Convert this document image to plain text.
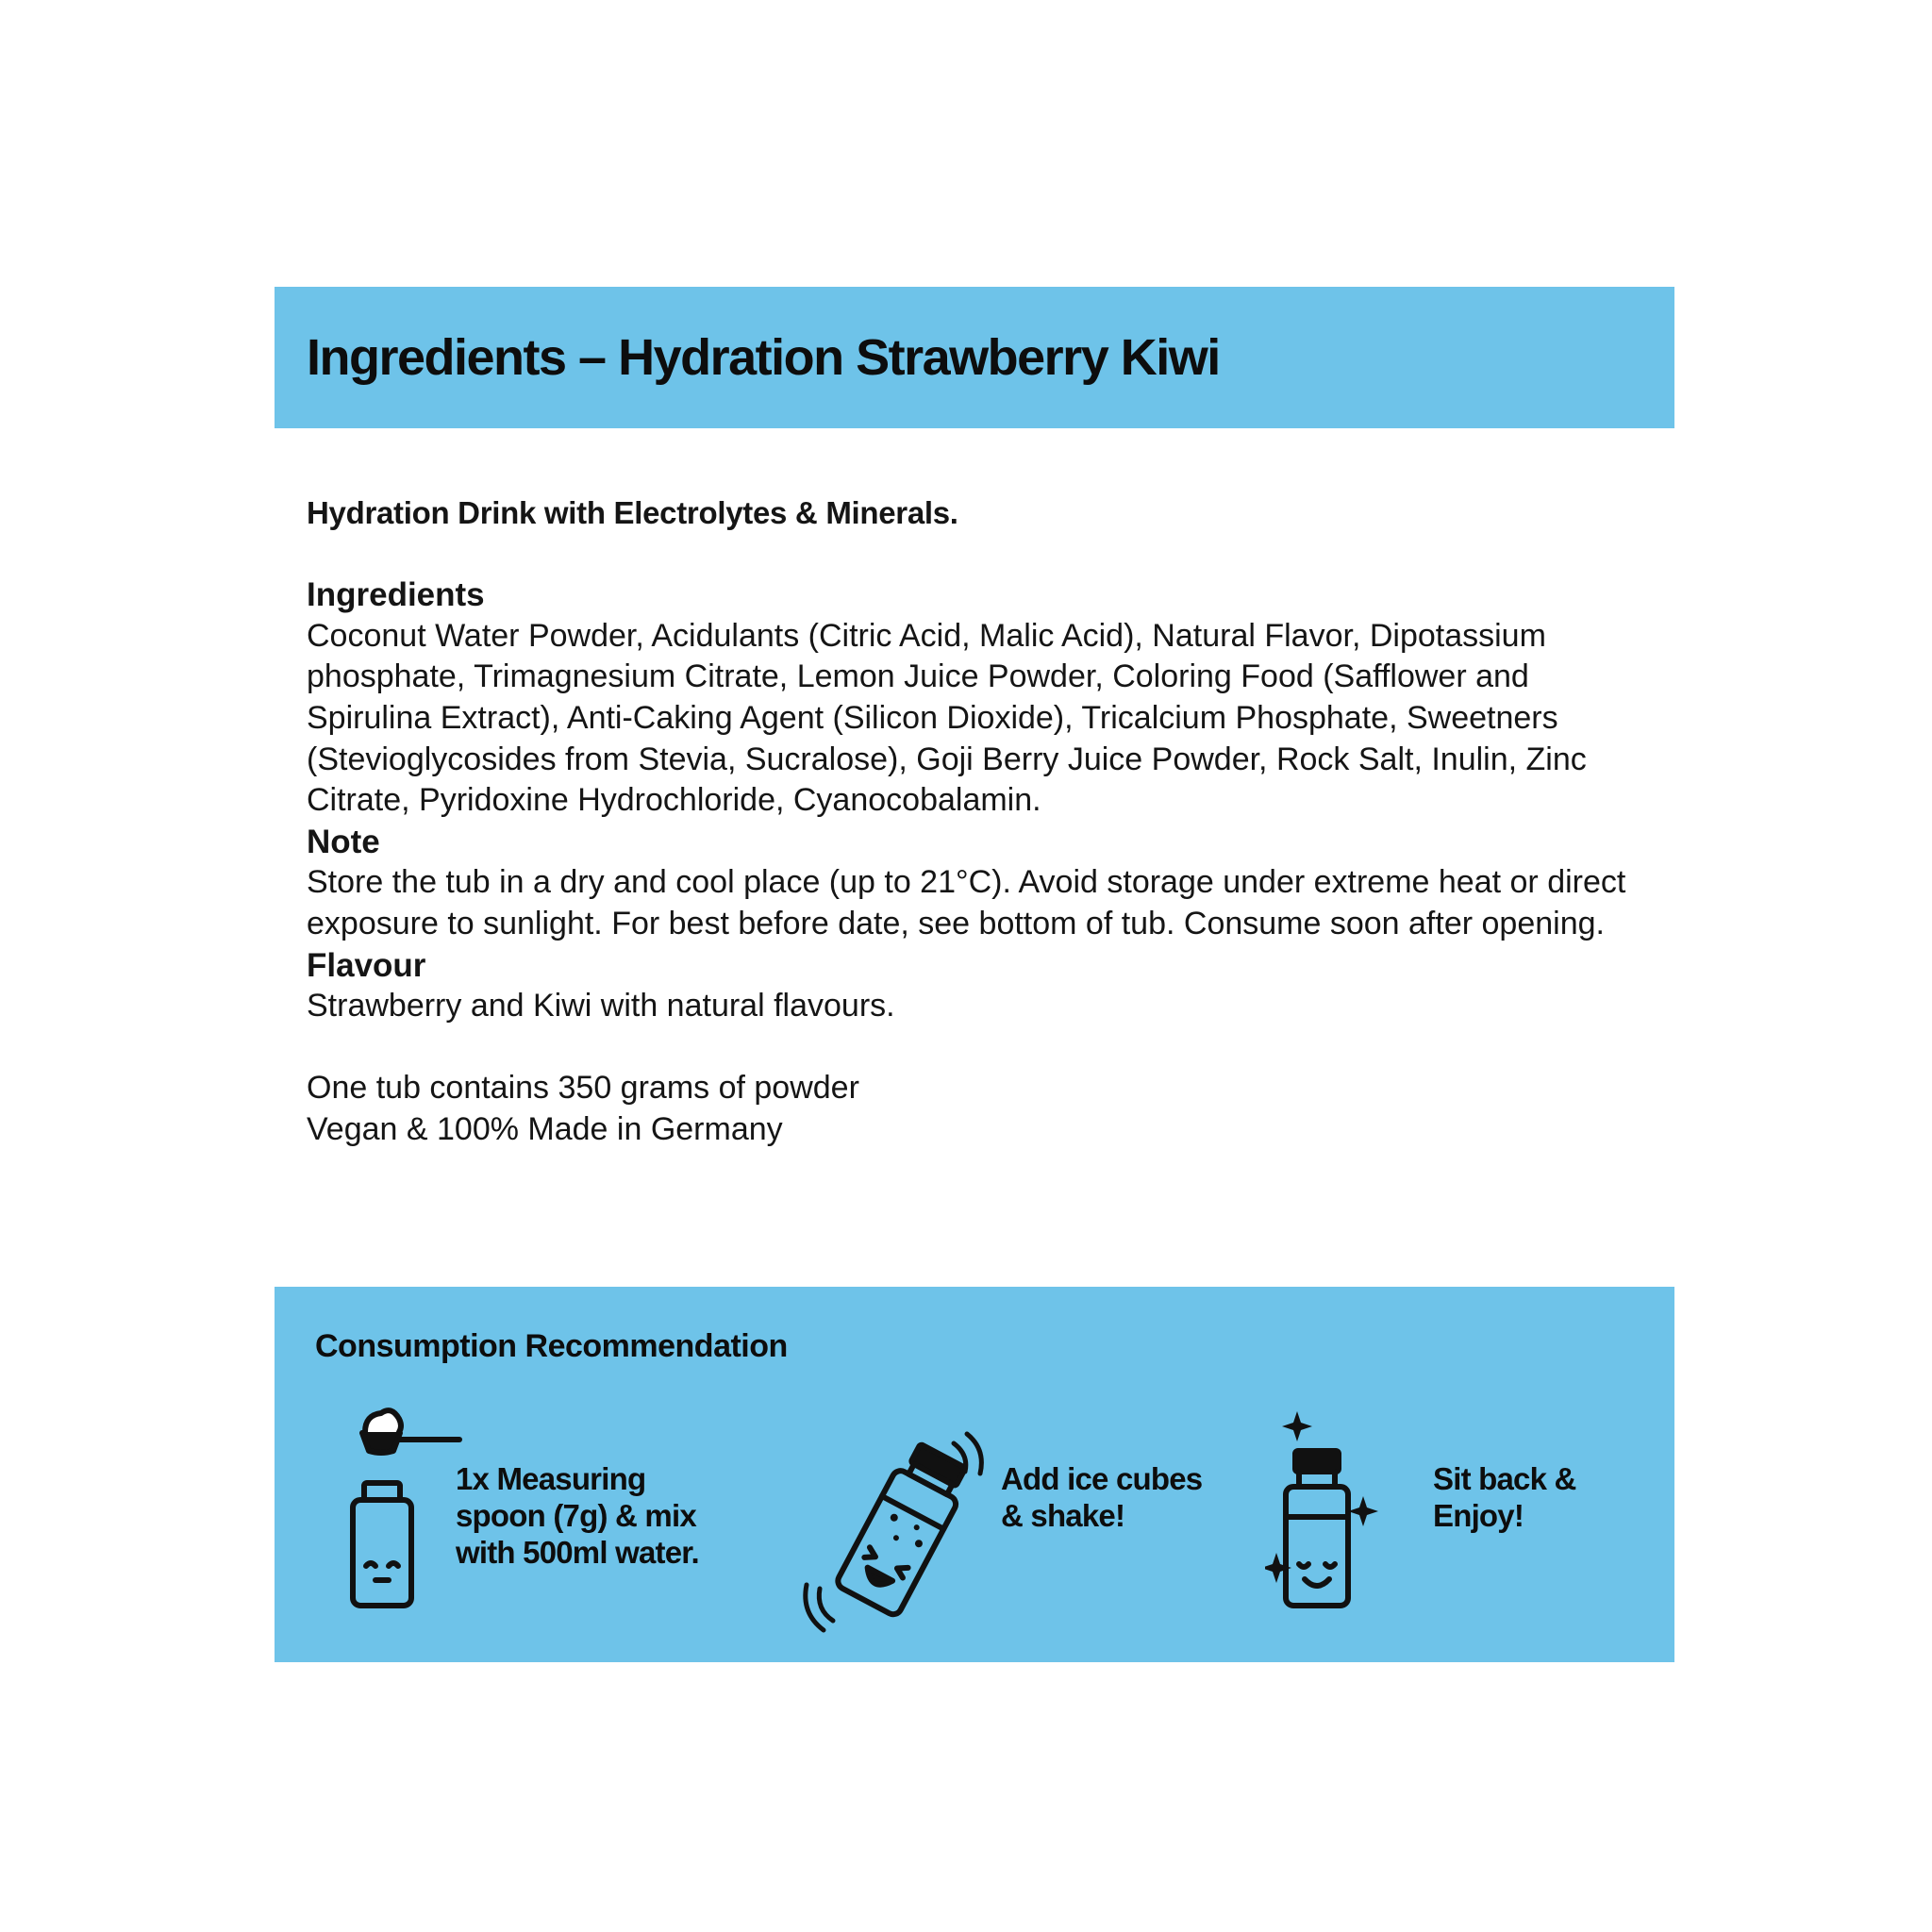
Ingredients – Hydration Strawberry Kiwi

Hydration Drink with Electrolytes & Minerals.

Ingredients

Coconut Water Powder, Acidulants (Citric Acid, Malic Acid), Natural Flavor, Dipotassium phosphate, Trimagnesium Citrate, Lemon Juice Powder, Coloring Food (Safflower and Spirulina Extract), Anti-Caking Agent (Silicon Dioxide), Tricalcium Phosphate, Sweetners (Stevioglycosides from Stevia, Sucralose), Goji Berry Juice Powder, Rock Salt, Inulin, Zinc Citrate, Pyridoxine Hydrochloride, Cyanocobalamin.

Note

Store the tub in a dry and cool place (up to 21°C). Avoid storage under extreme heat or direct exposure to sunlight. For best before date, see bottom of tub. Consume soon after opening.

Flavour

Strawberry and Kiwi with natural flavours.

One tub contains 350 grams of powder

Vegan & 100% Made in Germany

Consumption Recommendation

1x Measuring
spoon (7g) & mix
with 500ml water.

Add ice cubes
& shake!

Sit back &
Enjoy!
